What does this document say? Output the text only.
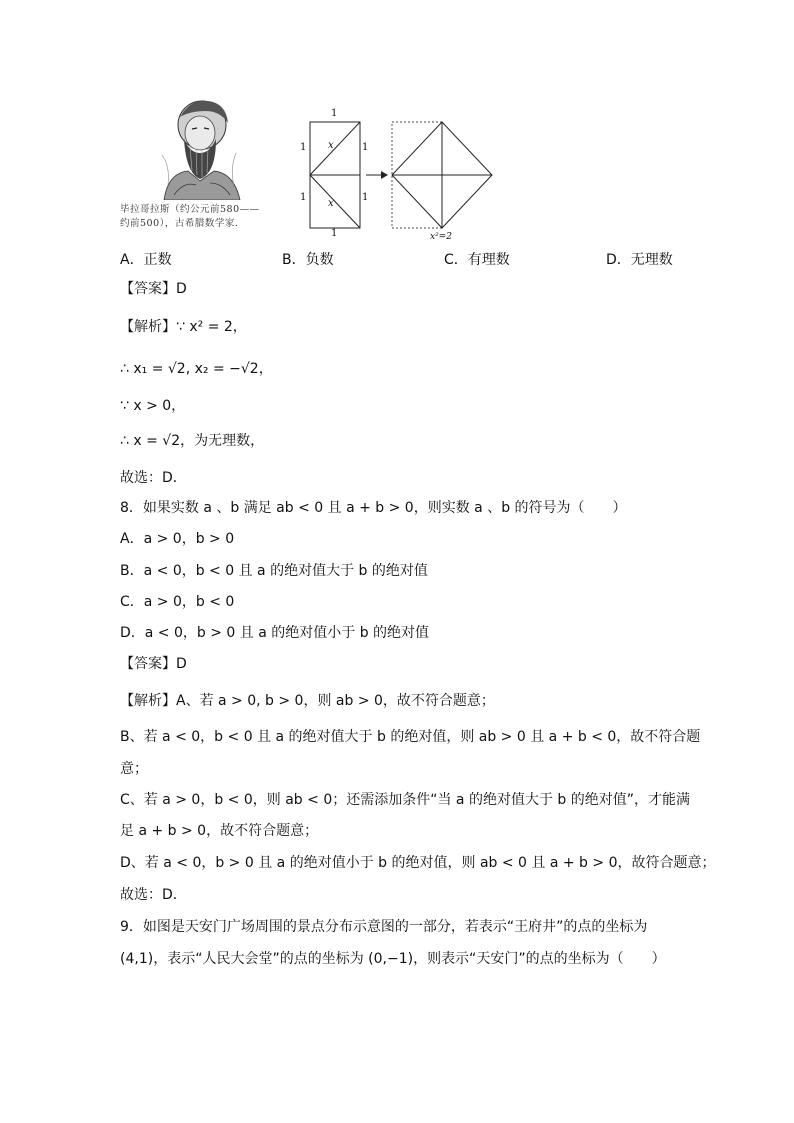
毕拉哥拉斯（约公元前580——
约前500），古希腊数学家.
1
1	1
1	1
1
x
x
x²=2
A．正数	B．负数	C．有理数	D．无理数
【答案】D
【解析】∵ x² = 2，
∴ x₁ = √2, x₂ = −√2，
∵ x > 0，
∴ x = √2，为无理数，
故选：D．
8．如果实数 a 、b 满足 ab < 0 且 a + b > 0，则实数 a 、b 的符号为（　　）
A．a > 0，b > 0
B．a < 0，b < 0 且 a 的绝对值大于 b 的绝对值
C．a > 0，b < 0
D．a < 0，b > 0 且 a 的绝对值小于 b 的绝对值
【答案】D
【解析】A、若 a > 0, b > 0，则 ab > 0，故不符合题意；
B、若 a < 0，b < 0 且 a 的绝对值大于 b 的绝对值，则 ab > 0 且 a + b < 0，故不符合题
意；
C、若 a > 0，b < 0，则 ab < 0；还需添加条件“当 a 的绝对值大于 b 的绝对值”，才能满
足 a + b > 0，故不符合题意；
D、若 a < 0，b > 0 且 a 的绝对值小于 b 的绝对值，则 ab < 0 且 a + b > 0，故符合题意；
故选：D．
9．如图是天安门广场周围的景点分布示意图的一部分，若表示“王府井”的点的坐标为
(4,1)，表示“人民大会堂”的点的坐标为 (0,−1)，则表示“天安门”的点的坐标为（　　）
